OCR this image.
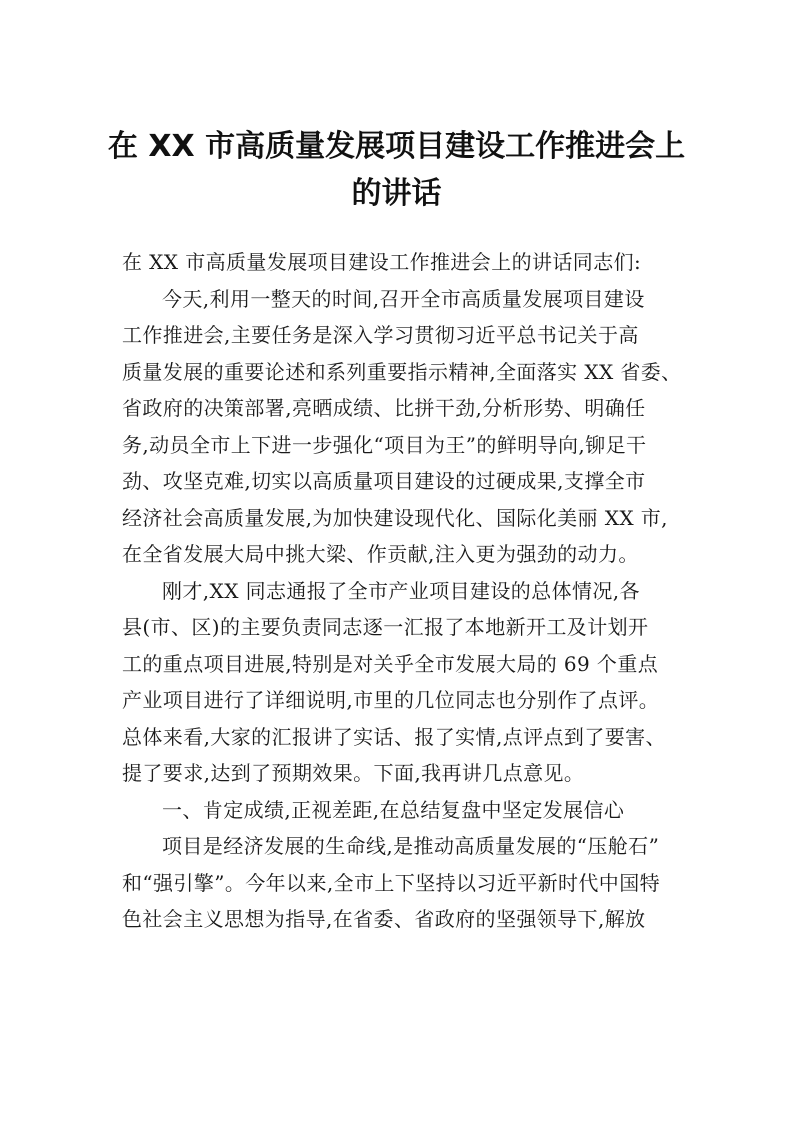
在 XX 市高质量发展项目建设工作推进会上
的讲话
在 XX 市高质量发展项目建设工作推进会上的讲话同志们:
今天,利用一整天的时间,召开全市高质量发展项目建设
工作推进会,主要任务是深入学习贯彻习近平总书记关于高
质量发展的重要论述和系列重要指示精神,全面落实 XX 省委、
省政府的决策部署,亮晒成绩、比拼干劲,分析形势、明确任
务,动员全市上下进一步强化“项目为王”的鲜明导向,铆足干
劲、攻坚克难,切实以高质量项目建设的过硬成果,支撑全市
经济社会高质量发展,为加快建设现代化、国际化美丽 XX 市,
在全省发展大局中挑大梁、作贡献,注入更为强劲的动力。
刚才,XX 同志通报了全市产业项目建设的总体情况,各
县(市、区)的主要负责同志逐一汇报了本地新开工及计划开
工的重点项目进展,特别是对关乎全市发展大局的 69 个重点
产业项目进行了详细说明,市里的几位同志也分别作了点评。
总体来看,大家的汇报讲了实话、报了实情,点评点到了要害、
提了要求,达到了预期效果。下面,我再讲几点意见。
一、肯定成绩,正视差距,在总结复盘中坚定发展信心
项目是经济发展的生命线,是推动高质量发展的“压舱石”
和“强引擎”。今年以来,全市上下坚持以习近平新时代中国特
色社会主义思想为指导,在省委、省政府的坚强领导下,解放
